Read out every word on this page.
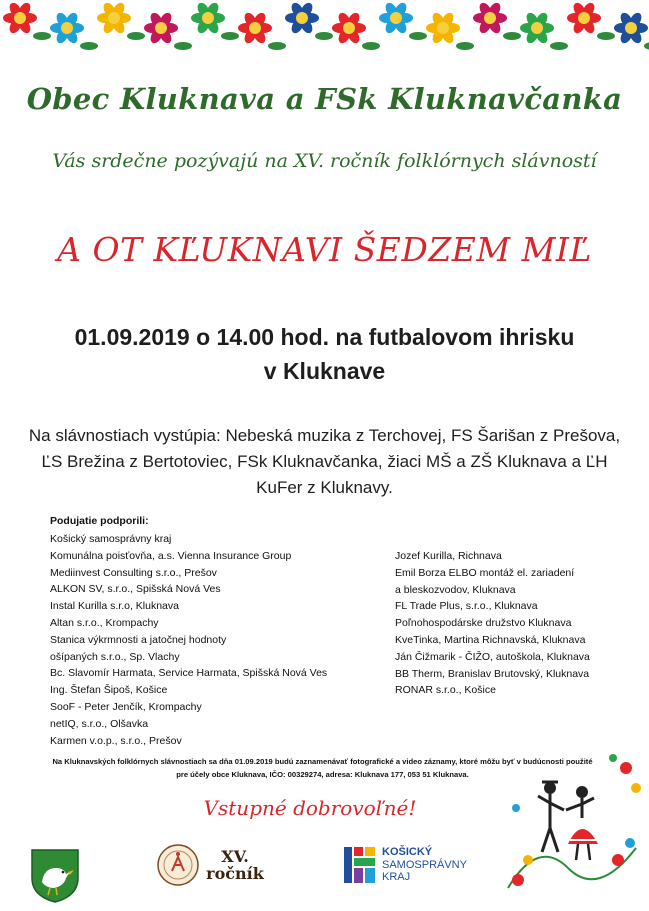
Obec Kluknava a FSk Kluknavčanka
Vás srdečne pozývajú na XV. ročník folklórnych slávností
A OT KĽUKNAVI ŠEDZEM MIĽ
01.09.2019 o 14.00 hod. na futbalovom ihrisku
v Kluknave
Na slávnostiach vystúpia: Nebeská muzika z Terchovej, FS Šarišan z Prešova, ĽS Brežina z Bertotoviec, FSk Kluknavčanka, žiaci MŠ a ZŠ Kluknava a ĽH KuFer z Kluknavy.
Podujatie podporili:
Košický samosprávny kraj
Komunálna poisťovňa, a.s. Vienna Insurance Group
Mediinvest Consulting s.r.o., Prešov
ALKON SV, s.r.o., Spišská Nová Ves
Instal Kurilla s.r.o, Kluknava
Altan s.r.o., Krompachy
Stanica výkrmnosti a jatočnej hodnoty
ošípaných s.r.o., Sp. Vlachy
Bc. Slavomír Harmata, Service Harmata, Spišská Nová Ves
Ing. Štefan Šipoš, Košice
SooF - Peter Jenčík, Krompachy
netIQ, s.r.o., Olšavka
Karmen v.o.p., s.r.o., Prešov
Jozef Kurilla, Richnava
Emil Borza ELBO montáž el. zariadení
a bleskozvodov, Kluknava
FL Trade Plus, s.r.o., Kluknava
Poľnohospodárske družstvo Kluknava
KveTinka, Martina Richnavská, Kluknava
Ján Čižmarik - ČIŽO, autoškola, Kluknava
BB Therm, Branislav Brutovský, Kluknava
RONAR s.r.o., Košice
Na Kluknavských folklórnych slávnostiach sa dňa 01.09.2019 budú zaznamenávať fotografické a video záznamy, ktoré môžu byť v budúcnosti použité pre účely obce Kluknava, IČO: 00329274, adresa: Kluknava 177, 053 51 Kluknava.
Vstupné dobrovoľné!
XV.
ročník
KOŠICKÝ
SAMOSPRÁVNY
KRAJ
